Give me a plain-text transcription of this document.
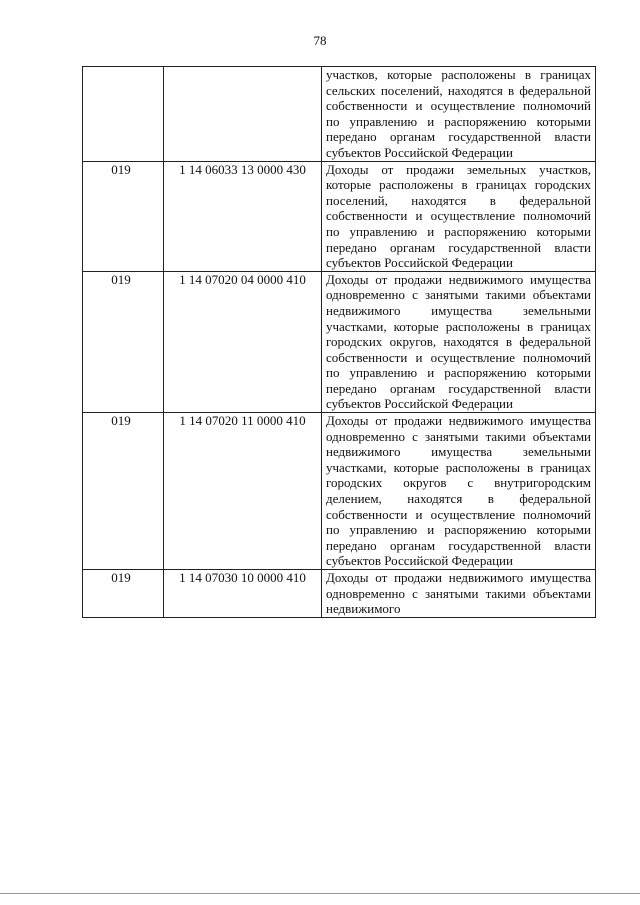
78
		участков, которые расположены в границах сельских поселений, находятся в федеральной собственности и осуществление полномочий по управлению и распоряжению которыми передано органам государственной власти субъектов Российской Федерации
019	1 14 06033 13 0000 430	Доходы от продажи земельных участков, которые расположены в границах городских поселений, находятся в федеральной собственности и осуществление полномочий по управлению и распоряжению которыми передано органам государственной власти субъектов Российской Федерации
019	1 14 07020 04 0000 410	Доходы от продажи недвижимого имущества одновременно с занятыми такими объектами недвижимого имущества земельными участками, которые расположены в границах городских округов, находятся в федеральной собственности и осуществление полномочий по управлению и распоряжению которыми передано органам государственной власти субъектов Российской Федерации
019	1 14 07020 11 0000 410	Доходы от продажи недвижимого имущества одновременно с занятыми такими объектами недвижимого имущества земельными участками, которые расположены в границах городских округов с внутригородским делением, находятся в федеральной собственности и осуществление полномочий по управлению и распоряжению которыми передано органам государственной власти субъектов Российской Федерации
019	1 14 07030 10 0000 410	Доходы от продажи недвижимого имущества одновременно с занятыми такими объектами недвижимого
